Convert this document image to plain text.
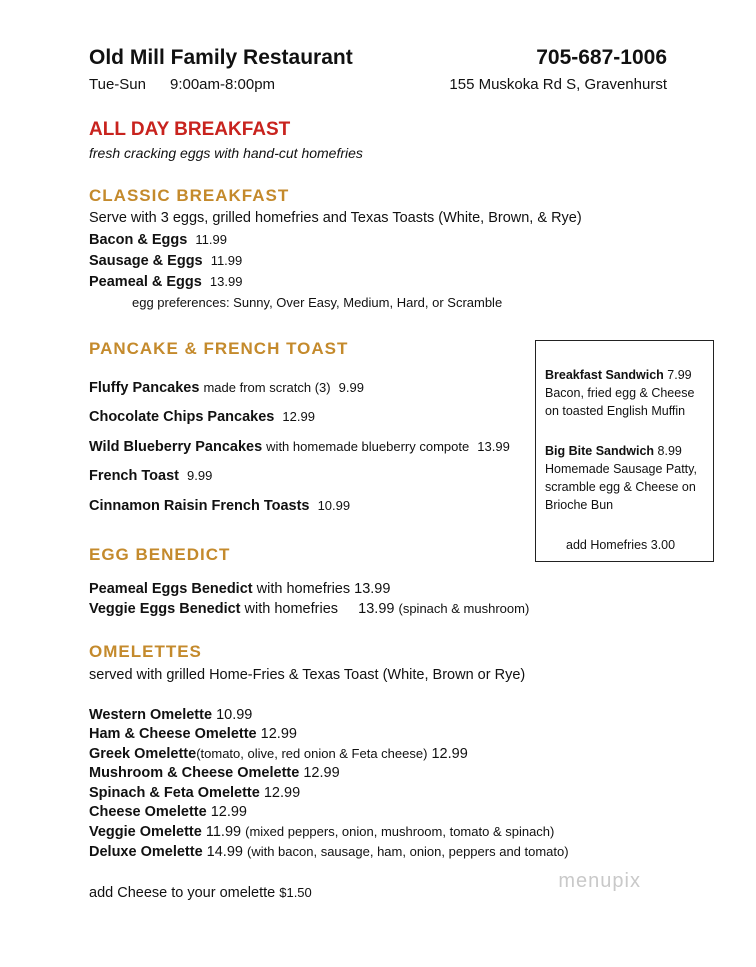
Old Mill Family Restaurant	705-687-1006
Tue-Sun 9:00am-8:00pm	155 Muskoka Rd S, Gravenhurst
ALL DAY BREAKFAST
fresh cracking eggs with hand-cut homefries
CLASSIC BREAKFAST
Serve with 3 eggs, grilled homefries and Texas Toasts (White, Brown, & Rye)
Bacon & Eggs 11.99
Sausage & Eggs 11.99
Peameal & Eggs 13.99
egg preferences: Sunny, Over Easy, Medium, Hard, or Scramble
PANCAKE & FRENCH TOAST
Fluffy Pancakes made from scratch (3) 9.99
Chocolate Chips Pancakes 12.99
Wild Blueberry Pancakes with homemade blueberry compote 13.99
French Toast 9.99
Cinnamon Raisin French Toasts 10.99
Breakfast Sandwich 7.99
Bacon, fried egg & Cheese on toasted English Muffin
Big Bite Sandwich 8.99
Homemade Sausage Patty, scramble egg & Cheese on Brioche Bun
add Homefries 3.00
EGG BENEDICT
Peameal Eggs Benedict with homefries 13.99
Veggie Eggs Benedict with homefries 13.99 (spinach & mushroom)
OMELETTES
served with grilled Home-Fries & Texas Toast (White, Brown or Rye)
Western Omelette 10.99
Ham & Cheese Omelette 12.99
Greek Omelette(tomato, olive, red onion & Feta cheese) 12.99
Mushroom & Cheese Omelette 12.99
Spinach & Feta Omelette 12.99
Cheese Omelette 12.99
Veggie Omelette 11.99 (mixed peppers, onion, mushroom, tomato & spinach)
Deluxe Omelette 14.99 (with bacon, sausage, ham, onion, peppers and tomato)
add Cheese to your omelette $1.50
menupix
